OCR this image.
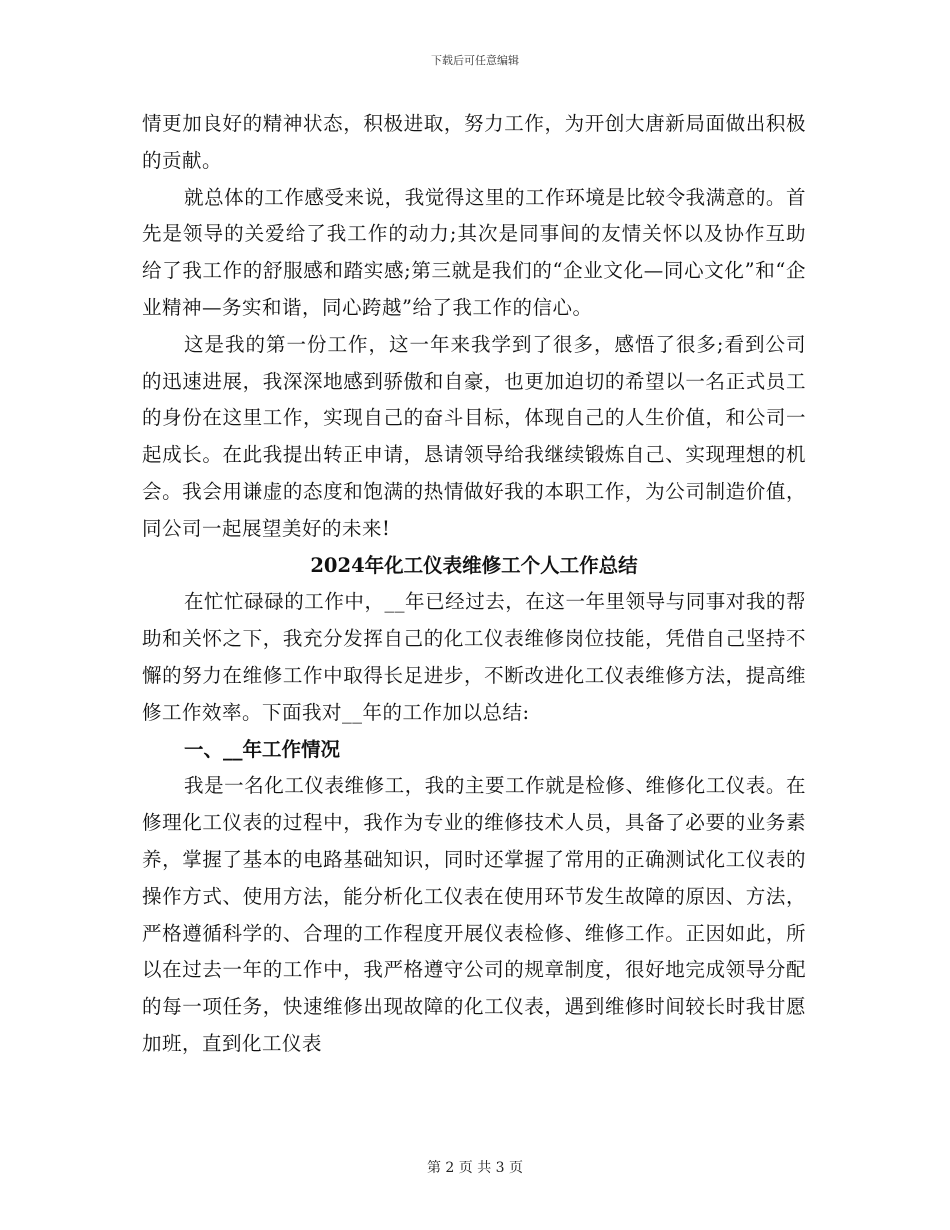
下载后可任意编辑

情更加良好的精神状态，积极进取，努力工作，为开创大唐新局面做出积极的贡献。

就总体的工作感受来说，我觉得这里的工作环境是比较令我满意的。首先是领导的关爱给了我工作的动力;其次是同事间的友情关怀以及协作互助给了我工作的舒服感和踏实感;第三就是我们的“企业文化—同心文化”和“企业精神—务实和谐，同心跨越”给了我工作的信心。

这是我的第一份工作，这一年来我学到了很多，感悟了很多;看到公司的迅速进展，我深深地感到骄傲和自豪，也更加迫切的希望以一名正式员工的身份在这里工作，实现自己的奋斗目标，体现自己的人生价值，和公司一起成长。在此我提出转正申请，恳请领导给我继续锻炼自己、实现理想的机会。我会用谦虚的态度和饱满的热情做好我的本职工作，为公司制造价值，同公司一起展望美好的未来!

2024年化工仪表维修工个人工作总结

在忙忙碌碌的工作中，__年已经过去，在这一年里领导与同事对我的帮助和关怀之下，我充分发挥自己的化工仪表维修岗位技能，凭借自己坚持不懈的努力在维修工作中取得长足进步，不断改进化工仪表维修方法，提高维修工作效率。下面我对__年的工作加以总结:

一、__年工作情况

我是一名化工仪表维修工，我的主要工作就是检修、维修化工仪表。在修理化工仪表的过程中，我作为专业的维修技术人员，具备了必要的业务素养，掌握了基本的电路基础知识，同时还掌握了常用的正确测试化工仪表的操作方式、使用方法，能分析化工仪表在使用环节发生故障的原因、方法，严格遵循科学的、合理的工作程度开展仪表检修、维修工作。正因如此，所以在过去一年的工作中，我严格遵守公司的规章制度，很好地完成领导分配的每一项任务，快速维修出现故障的化工仪表，遇到维修时间较长时我甘愿加班，直到化工仪表

第 2 页 共 3 页
